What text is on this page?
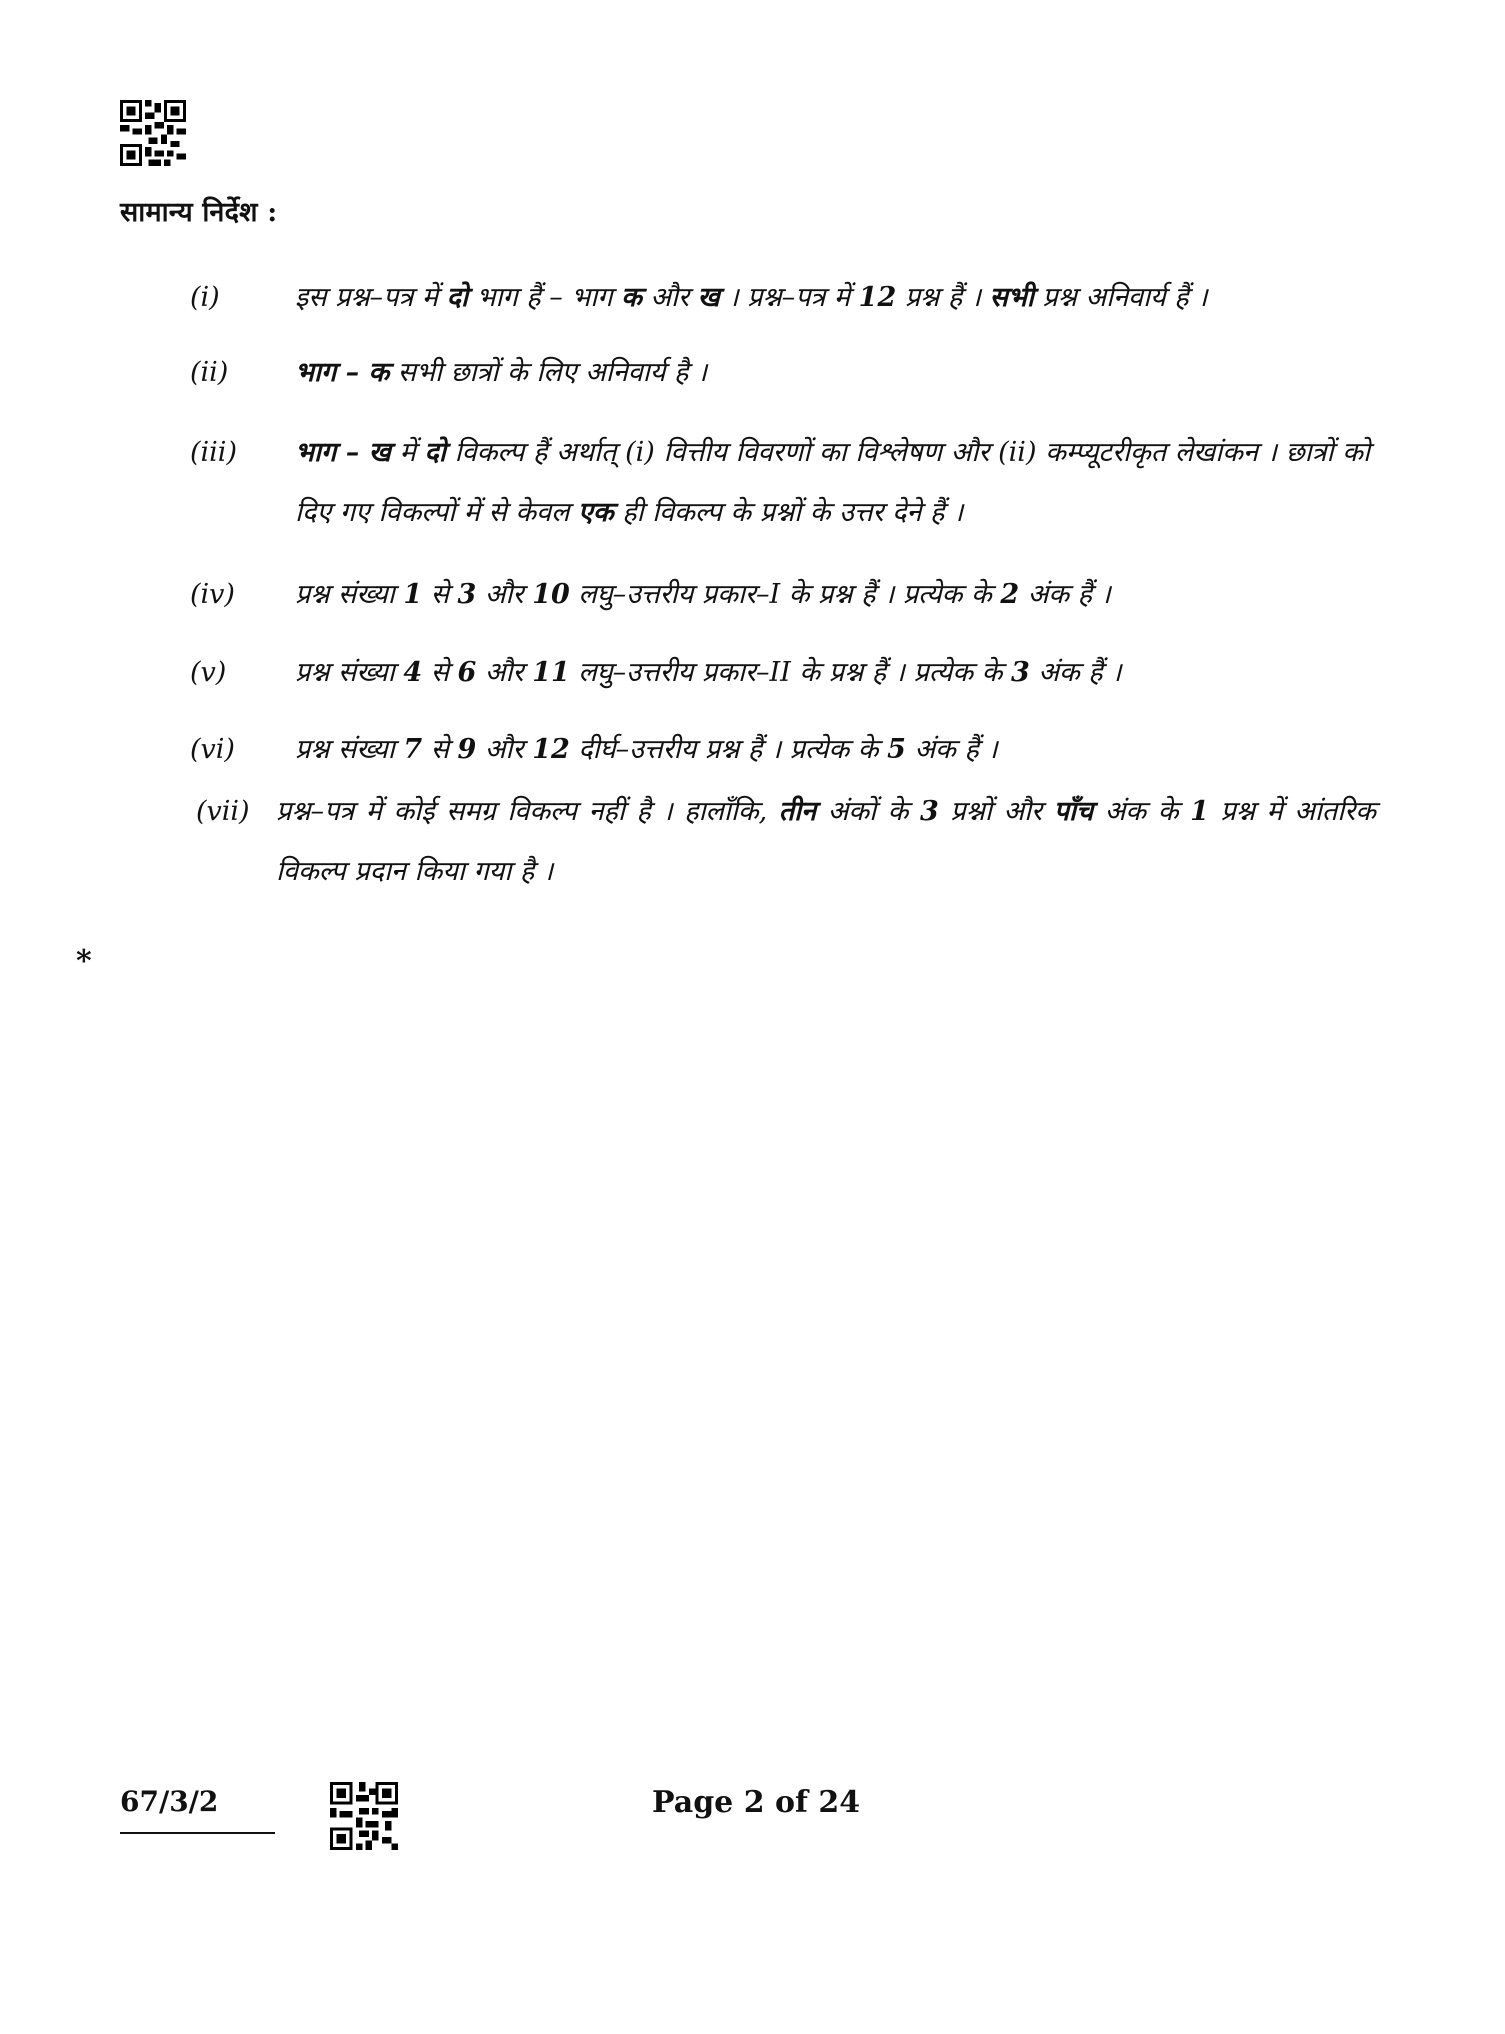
सामान्य निर्देश :
(i)	इस प्रश्न–पत्र में दो भाग हैं – भाग क और ख । प्रश्न–पत्र में 12 प्रश्न हैं । सभी प्रश्न अनिवार्य हैं ।
(ii)	भाग – क सभी छात्रों के लिए अनिवार्य है ।
(iii)	भाग – ख में दो विकल्प हैं अर्थात् (i) वित्तीय विवरणों का विश्लेषण और (ii) कम्प्यूटरीकृत लेखांकन । छात्रों को दिए गए विकल्पों में से केवल एक ही विकल्प के प्रश्नों के उत्तर देने हैं ।
(iv)	प्रश्न संख्या 1 से 3 और 10 लघु–उत्तरीय प्रकार–I के प्रश्न हैं । प्रत्येक के 2 अंक हैं ।
(v)	प्रश्न संख्या 4 से 6 और 11 लघु–उत्तरीय प्रकार–II के प्रश्न हैं । प्रत्येक के 3 अंक हैं ।
(vi)	प्रश्न संख्या 7 से 9 और 12 दीर्घ–उत्तरीय प्रश्न हैं । प्रत्येक के 5 अंक हैं ।
(vii) प्रश्न–पत्र में कोई समग्र विकल्प नहीं है । हालाँकि, तीन अंकों के 3 प्रश्नों और पाँच अंक के 1 प्रश्न में आंतरिक विकल्प प्रदान किया गया है ।
*
67/3/2	Page 2 of 24
